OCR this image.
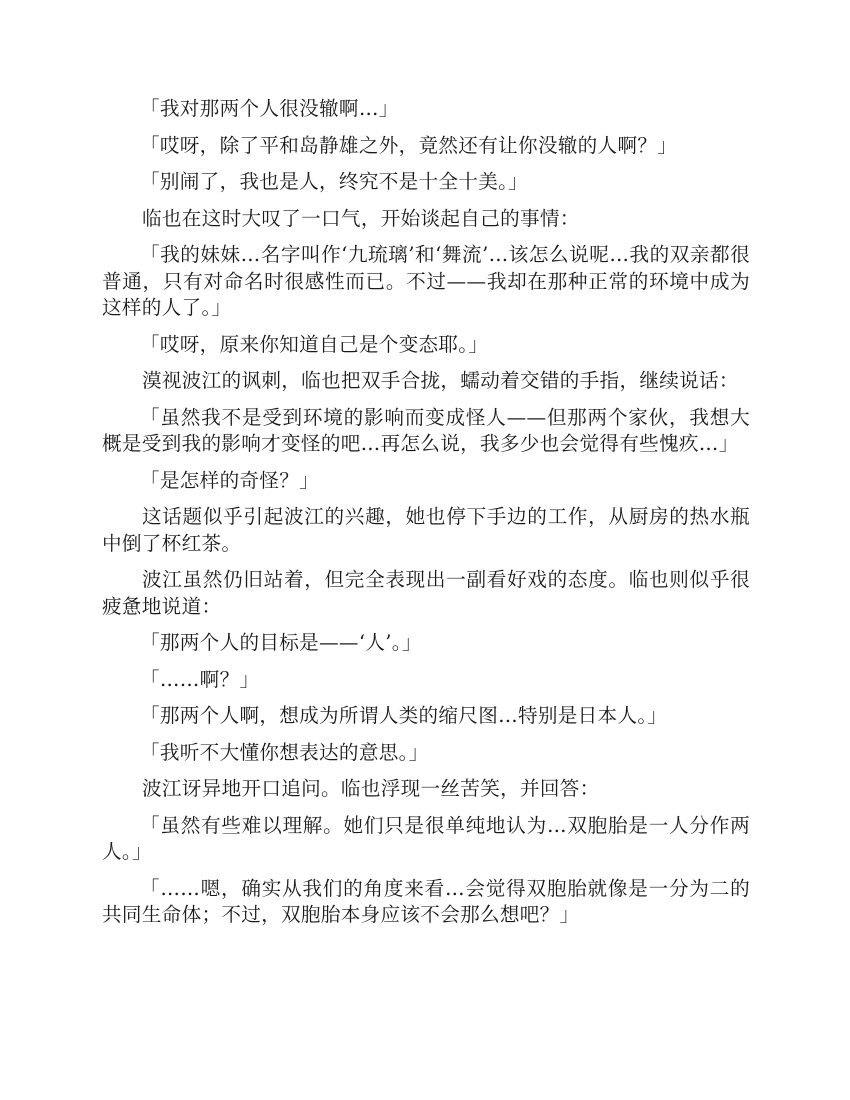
「我对那两个人很没辙啊…」

「哎呀，除了平和岛静雄之外，竟然还有让你没辙的人啊？」

「别闹了，我也是人，终究不是十全十美。」

临也在这时大叹了一口气，开始谈起自己的事情：

「我的妹妹…名字叫作‘九琉璃’和‘舞流’…该怎么说呢…我的双亲都很普通，只有对命名时很感性而已。不过——我却在那种正常的环境中成为这样的人了。」

「哎呀，原来你知道自己是个变态耶。」

漠视波江的讽刺，临也把双手合拢，蠕动着交错的手指，继续说话：

「虽然我不是受到环境的影响而变成怪人——但那两个家伙，我想大概是受到我的影响才变怪的吧…再怎么说，我多少也会觉得有些愧疚…」

「是怎样的奇怪？」

这话题似乎引起波江的兴趣，她也停下手边的工作，从厨房的热水瓶中倒了杯红茶。

波江虽然仍旧站着，但完全表现出一副看好戏的态度。临也则似乎很疲惫地说道：

「那两个人的目标是——‘人’。」

「……啊？」

「那两个人啊，想成为所谓人类的缩尺图…特别是日本人。」

「我听不大懂你想表达的意思。」

波江讶异地开口追问。临也浮现一丝苦笑，并回答：

「虽然有些难以理解。她们只是很单纯地认为…双胞胎是一人分作两人。」

「……嗯，确实从我们的角度来看…会觉得双胞胎就像是一分为二的共同生命体；不过，双胞胎本身应该不会那么想吧？」
